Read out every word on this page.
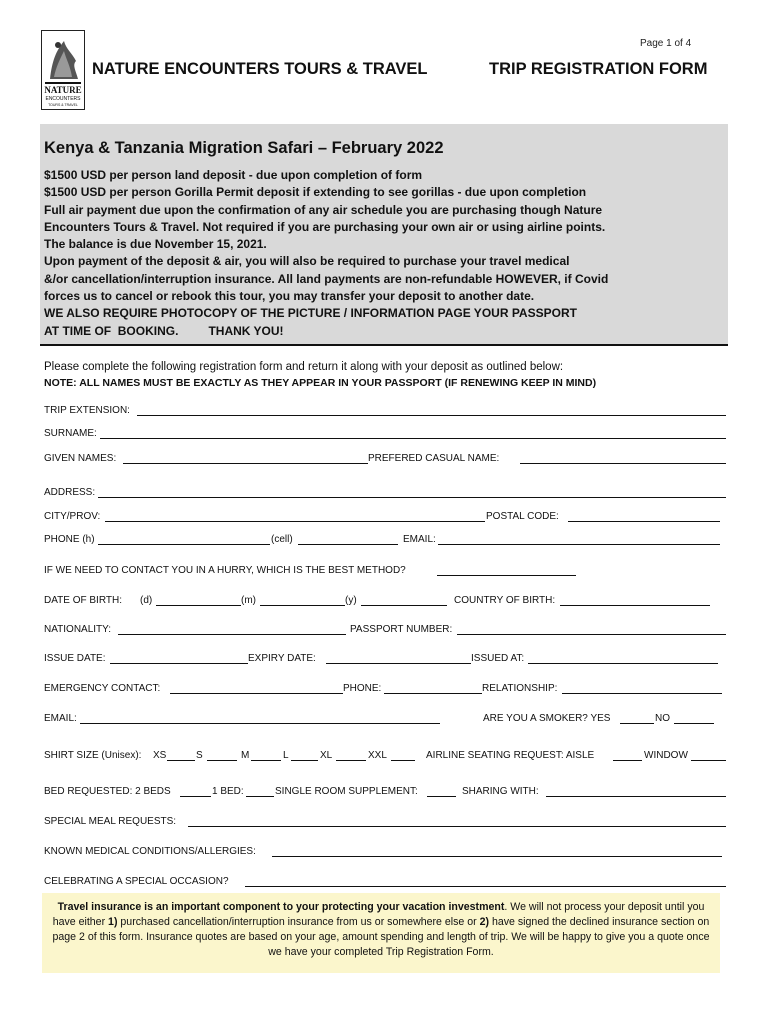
NATURE
ENCOUNTERS
TOURS & TRAVEL
Page 1 of 4
NATURE ENCOUNTERS TOURS & TRAVEL	TRIP REGISTRATION FORM
Kenya & Tanzania Migration Safari – February 2022
$1500 USD per person land deposit - due upon completion of form
$1500 USD per person Gorilla Permit deposit if extending to see gorillas - due upon completion
Full air payment due upon the confirmation of any air schedule you are purchasing though Nature
Encounters Tours & Travel. Not required if you are purchasing your own air or using airline points.
The balance is due November 15, 2021.
Upon payment of the deposit & air, you will also be required to purchase your travel medical
&/or cancellation/interruption insurance. All land payments are non-refundable HOWEVER, if Covid
forces us to cancel or rebook this tour, you may transfer your deposit to another date.
WE ALSO REQUIRE PHOTOCOPY OF THE PICTURE / INFORMATION PAGE YOUR PASSPORT
AT TIME OF  BOOKING.         THANK YOU!
Please complete the following registration form and return it along with your deposit as outlined below:
NOTE: ALL NAMES MUST BE EXACTLY AS THEY APPEAR IN YOUR PASSPORT (IF RENEWING KEEP IN MIND)
TRIP EXTENSION:
SURNAME:
GIVEN NAMES:	PREFERED CASUAL NAME:
ADDRESS:
CITY/PROV:	POSTAL CODE:
PHONE (h)	(cell)	EMAIL:
IF WE NEED TO CONTACT YOU IN A HURRY, WHICH IS THE BEST METHOD?
DATE OF BIRTH: (d)	(m)	(y)	COUNTRY OF BIRTH:
NATIONALITY:	PASSPORT NUMBER:
ISSUE DATE:	EXPIRY DATE:	ISSUED AT:
EMERGENCY CONTACT:	PHONE:	RELATIONSHIP:
EMAIL:	ARE YOU A SMOKER? YES	NO
SHIRT SIZE (Unisex): XS	S	M	L	XL	XXL	AIRLINE SEATING REQUEST: AISLE	WINDOW
BED REQUESTED: 2 BEDS	1 BED:	SINGLE ROOM SUPPLEMENT:	SHARING WITH:
SPECIAL MEAL REQUESTS:
KNOWN MEDICAL CONDITIONS/ALLERGIES:
CELEBRATING A SPECIAL OCCASION?
Travel insurance is an important component to your protecting your vacation investment. We will not process your deposit until you have either 1) purchased cancellation/interruption insurance from us or somewhere else or 2) have signed the declined insurance section on page 2 of this form. Insurance quotes are based on your age, amount spending and length of trip. We will be happy to give you a quote once we have your completed Trip Registration Form.
